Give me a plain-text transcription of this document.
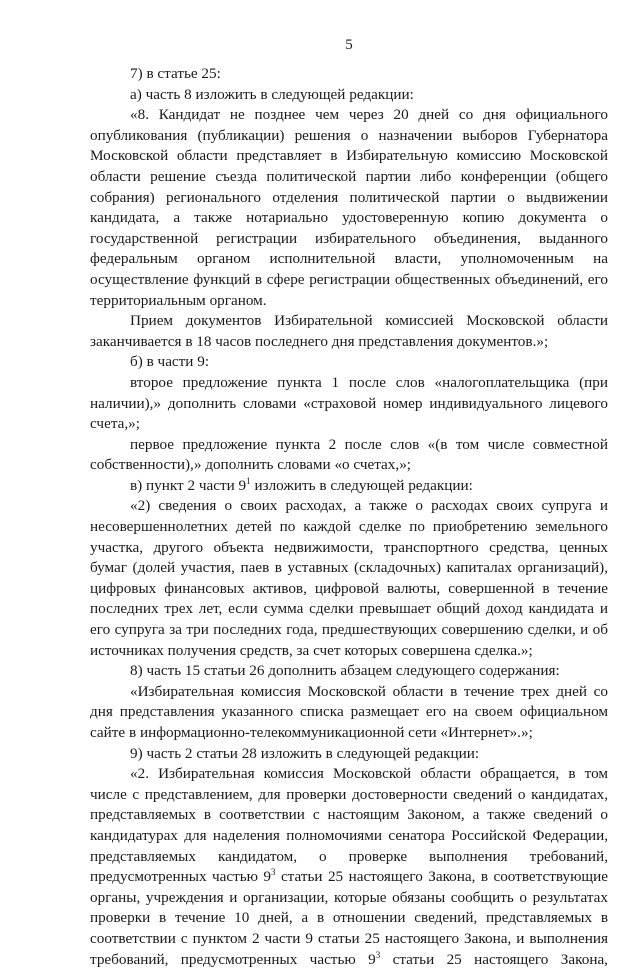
5

7) в статье 25:

а) часть 8 изложить в следующей редакции:

«8. Кандидат не позднее чем через 20 дней со дня официального опубликования (публикации) решения о назначении выборов Губернатора Московской области представляет в Избирательную комиссию Московской области решение съезда политической партии либо конференции (общего собрания) регионального отделения политической партии о выдвижении кандидата, а также нотариально удостоверенную копию документа о государственной регистрации избирательного объединения, выданного федеральным органом исполнительной власти, уполномоченным на осуществление функций в сфере регистрации общественных объединений, его территориальным органом.

Прием документов Избирательной комиссией Московской области заканчивается в 18 часов последнего дня представления документов.»;

б) в части 9:

второе предложение пункта 1 после слов «налогоплательщика (при наличии),» дополнить словами «страховой номер индивидуального лицевого счета,»;

первое предложение пункта 2 после слов «(в том числе совместной собственности),» дополнить словами «о счетах,»;

в) пункт 2 части $9^1$ изложить в следующей редакции:

«2) сведения о своих расходах, а также о расходах своих супруга и несовершеннолетних детей по каждой сделке по приобретению земельного участка, другого объекта недвижимости, транспортного средства, ценных бумаг (долей участия, паев в уставных (складочных) капиталах организаций), цифровых финансовых активов, цифровой валюты, совершенной в течение последних трех лет, если сумма сделки превышает общий доход кандидата и его супруга за три последних года, предшествующих совершению сделки, и об источниках получения средств, за счет которых совершена сделка.»;

8) часть 15 статьи 26 дополнить абзацем следующего содержания:

«Избирательная комиссия Московской области в течение трех дней со дня представления указанного списка размещает его на своем официальном сайте в информационно-телекоммуникационной сети «Интернет».»;

9) часть 2 статьи 28 изложить в следующей редакции:

«2. Избирательная комиссия Московской области обращается, в том числе с представлением, для проверки достоверности сведений о кандидатах, представляемых в соответствии с настоящим Законом, а также сведений о кандидатурах для наделения полномочиями сенатора Российской Федерации, представляемых кандидатом, о проверке выполнения требований, предусмотренных частью $9^3$ статьи 25 настоящего Закона, в соответствующие органы, учреждения и организации, которые обязаны сообщить о результатах проверки в течение 10 дней, а в отношении сведений, представляемых в соответствии с пунктом 2 части 9 статьи 25 настоящего Закона, и выполнения требований, предусмотренных частью $9^3$ статьи 25 настоящего Закона,
